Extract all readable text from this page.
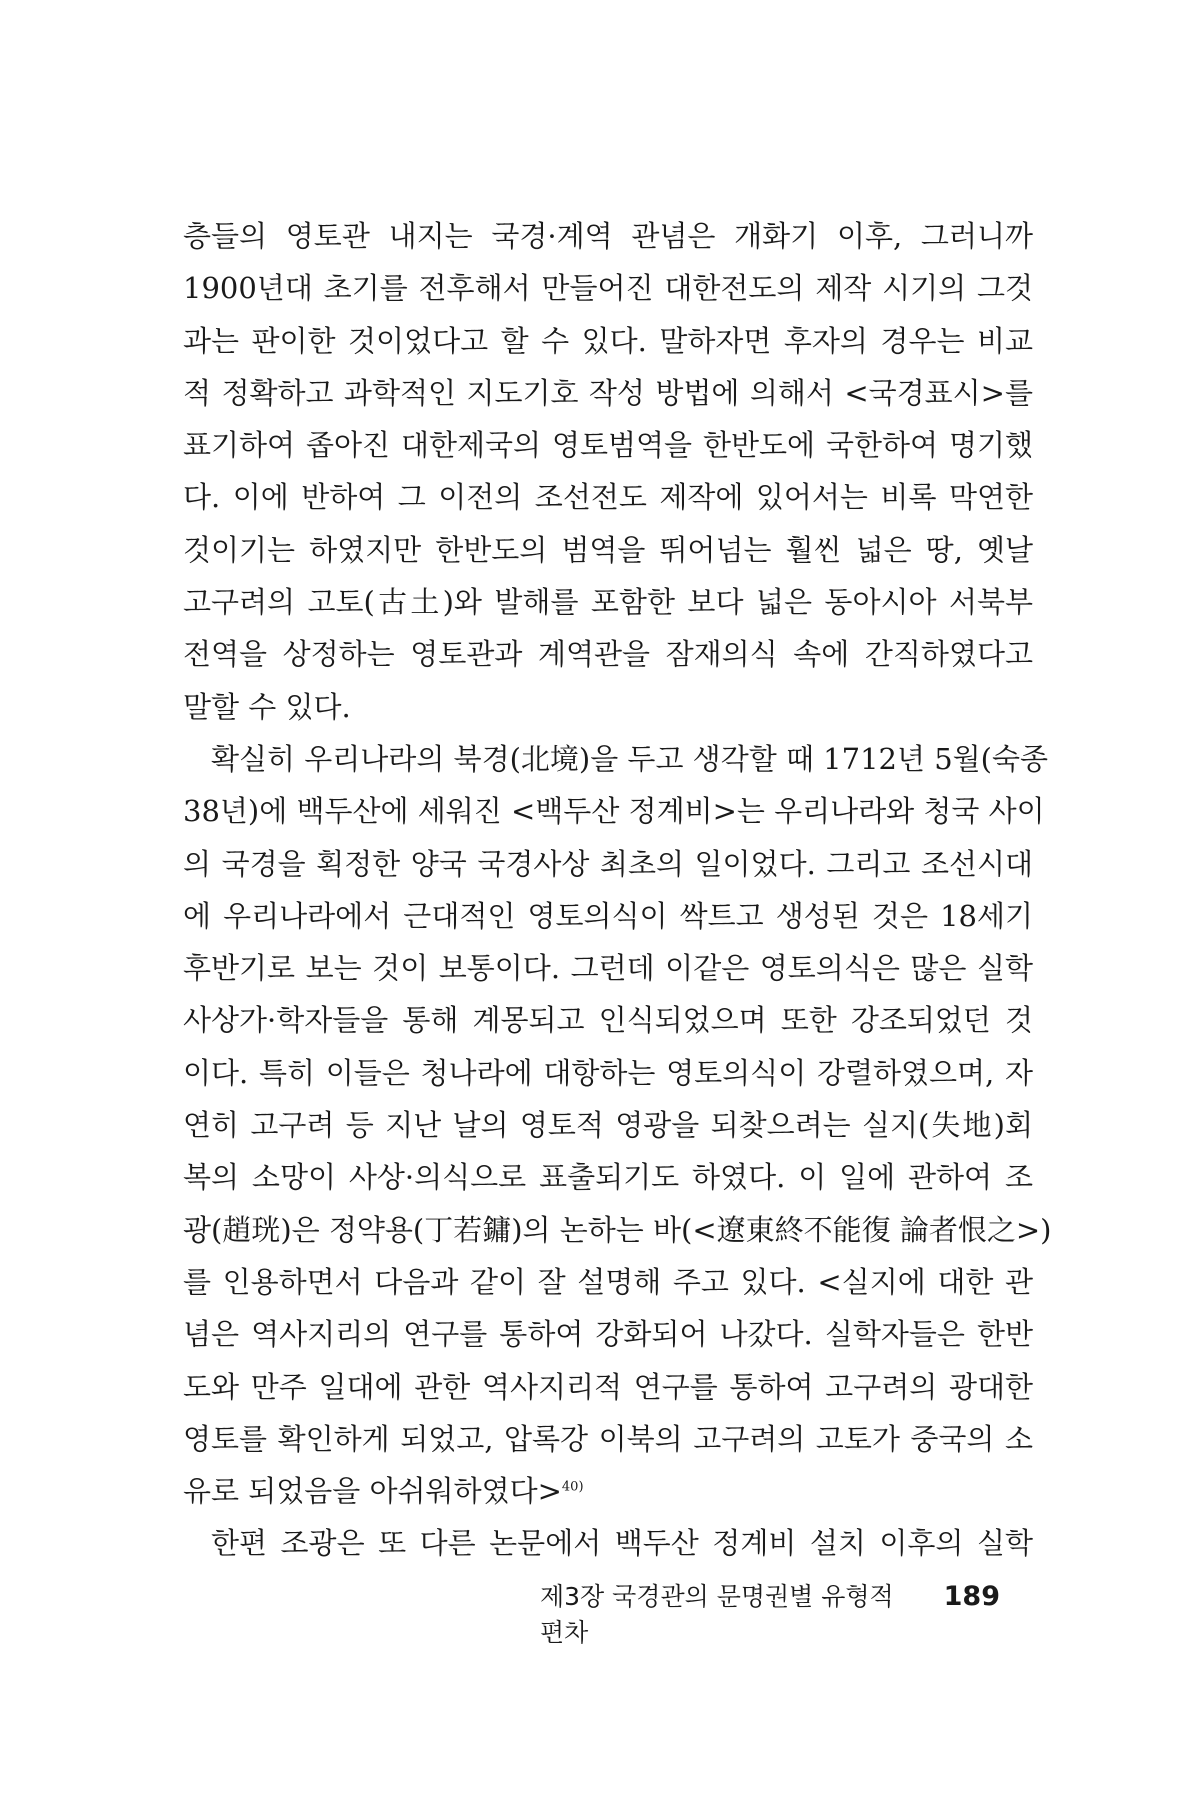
층들의 영토관 내지는 국경·계역 관념은 개화기 이후, 그러니까
1900년대 초기를 전후해서 만들어진 대한전도의 제작 시기의 그것
과는 판이한 것이었다고 할 수 있다. 말하자면 후자의 경우는 비교
적 정확하고 과학적인 지도기호 작성 방법에 의해서 <국경표시>를
표기하여 좁아진 대한제국의 영토범역을 한반도에 국한하여 명기했
다. 이에 반하여 그 이전의 조선전도 제작에 있어서는 비록 막연한
것이기는 하였지만 한반도의 범역을 뛰어넘는 훨씬 넓은 땅, 옛날
고구려의 고토(古土)와 발해를 포함한 보다 넓은 동아시아 서북부
전역을 상정하는 영토관과 계역관을 잠재의식 속에 간직하였다고
말할 수 있다.
확실히 우리나라의 북경(北境)을 두고 생각할 때 1712년 5월(숙종
38년)에 백두산에 세워진 <백두산 정계비>는 우리나라와 청국 사이
의 국경을 획정한 양국 국경사상 최초의 일이었다. 그리고 조선시대
에 우리나라에서 근대적인 영토의식이 싹트고 생성된 것은 18세기
후반기로 보는 것이 보통이다. 그런데 이같은 영토의식은 많은 실학
사상가·학자들을 통해 계몽되고 인식되었으며 또한 강조되었던 것
이다. 특히 이들은 청나라에 대항하는 영토의식이 강렬하였으며, 자
연히 고구려 등 지난 날의 영토적 영광을 되찾으려는 실지(失地)회
복의 소망이 사상·의식으로 표출되기도 하였다. 이 일에 관하여 조
광(趙珖)은 정약용(丁若鏞)의 논하는 바(<遼東終不能復 論者恨之>)
를 인용하면서 다음과 같이 잘 설명해 주고 있다. <실지에 대한 관
념은 역사지리의 연구를 통하여 강화되어 나갔다. 실학자들은 한반
도와 만주 일대에 관한 역사지리적 연구를 통하여 고구려의 광대한
영토를 확인하게 되었고, 압록강 이북의 고구려의 고토가 중국의 소
유로 되었음을 아쉬워하였다>$^{40)}$
한편 조광은 또 다른 논문에서 백두산 정계비 설치 이후의 실학
제3장 국경관의 문명권별 유형적 편차
189
